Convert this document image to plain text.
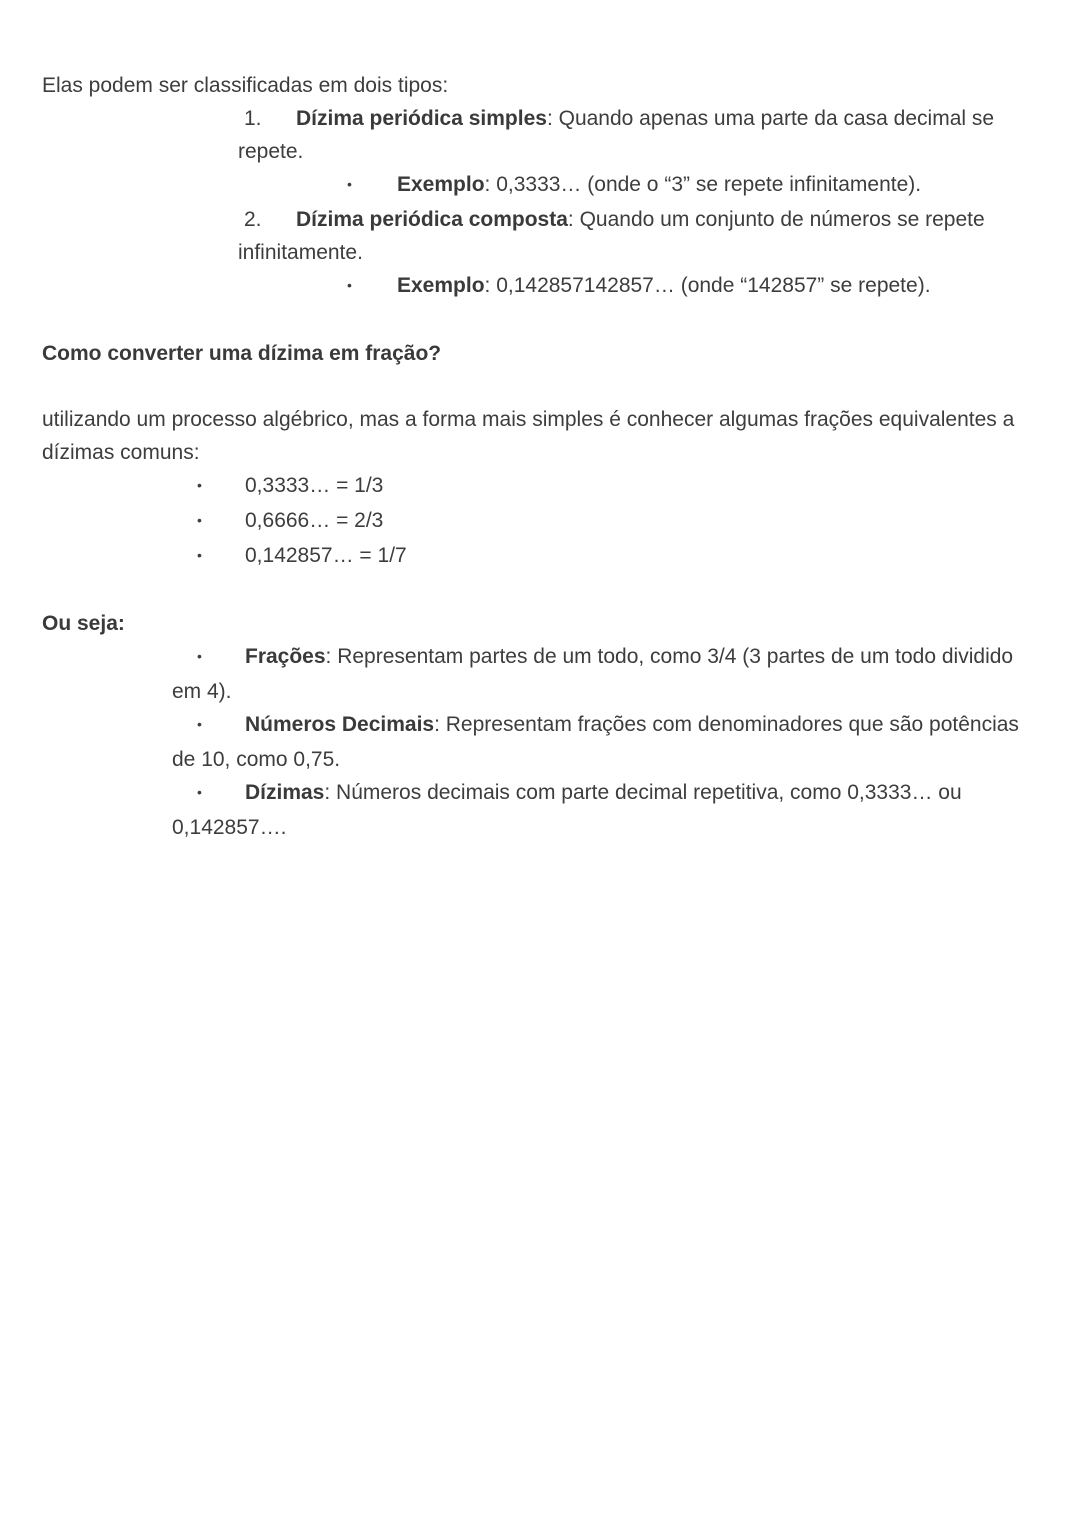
Elas podem ser classificadas em dois tipos:

1. Dízima periódica simples: Quando apenas uma parte da casa decimal se repete.

• Exemplo: 0,3333… (onde o “3” se repete infinitamente).

2. Dízima periódica composta: Quando um conjunto de números se repete infinitamente.

• Exemplo: 0,142857142857… (onde “142857” se repete).

Como converter uma dízima em fração?

utilizando um processo algébrico, mas a forma mais simples é conhecer algumas frações equivalentes a dízimas comuns:

• 0,3333… = 1/3

• 0,6666… = 2/3

• 0,142857… = 1/7

Ou seja:

• Frações: Representam partes de um todo, como 3/4 (3 partes de um todo dividido em 4).

• Números Decimais: Representam frações com denominadores que são potências de 10, como 0,75.

• Dízimas: Números decimais com parte decimal repetitiva, como 0,3333… ou 0,142857….
